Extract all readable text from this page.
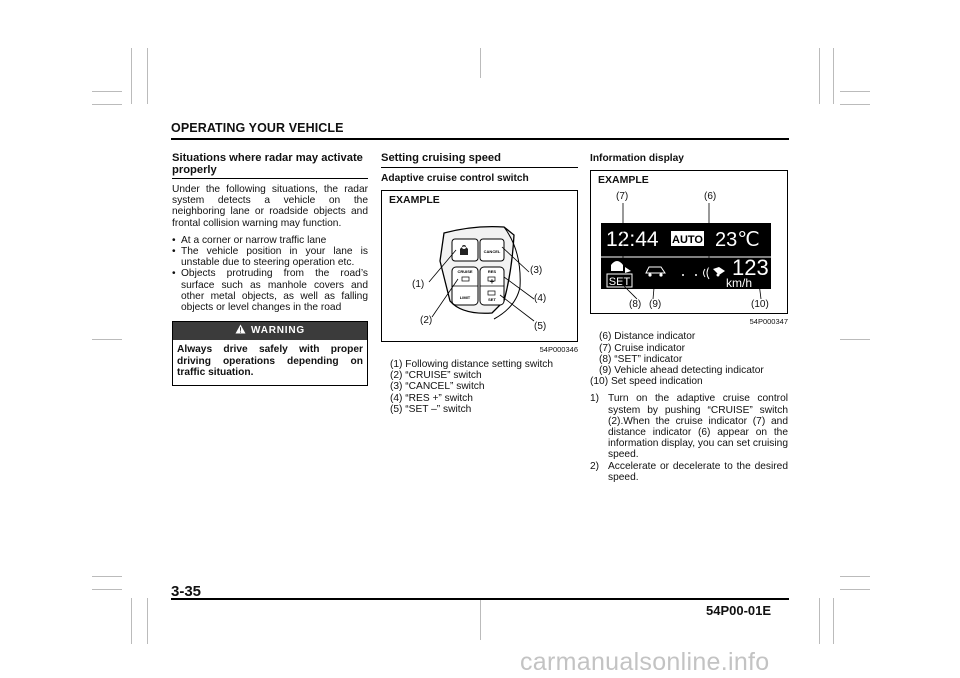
OPERATING YOUR VEHICLE
Situations where radar may activate properly
Under the following situations, the radar system detects a vehicle on the neighboring lane or roadside objects and frontal collision warning may function.
• At a corner or narrow traffic lane
• The vehicle position in your lane is unstable due to steering operation etc.
• Objects protruding from the road’s surface such as manhole covers and other metal objects, as well as falling objects or level changes in the road
WARNING
Always drive safely with proper driving operations depending on traffic situation.
Setting cruising speed
Adaptive cruise control switch
EXAMPLE
CANCEL
CRUISE
LIMIT
RES
+
SET
(1)
(2)
(3)
(4)
(5)
54P000346
(1) Following distance setting switch
(2) “CRUISE” switch
(3) “CANCEL” switch
(4) “RES +” switch
(5) “SET –” switch
Information display
EXAMPLE
12:44 AUTO 23℃
123
km/h
SET
(7)	(6)
(8) (9)	(10)
54P000347
(6) Distance indicator
(7) Cruise indicator
(8) “SET” indicator
(9) Vehicle ahead detecting indicator
(10) Set speed indication
1) Turn on the adaptive cruise control system by pushing “CRUISE” switch (2).When the cruise indicator (7) and distance indicator (6) appear on the information display, you can set cruising speed.
2) Accelerate or decelerate to the desired speed.
3-35
54P00-01E
carmanualsonline.info
